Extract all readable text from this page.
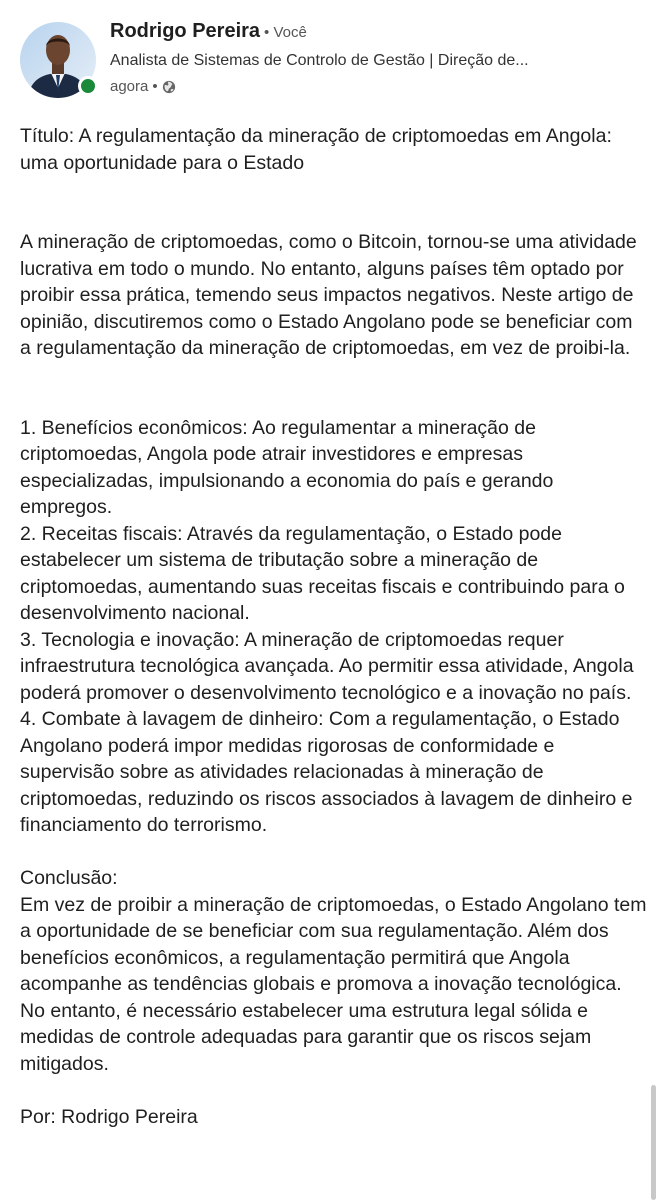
Rodrigo Pereira • Você
Analista de Sistemas de Controlo de Gestão | Direção de...
agora •

Título: A regulamentação da mineração de criptomoedas em Angola: uma oportunidade para o Estado

A mineração de criptomoedas, como o Bitcoin, tornou-se uma atividade lucrativa em todo o mundo. No entanto, alguns países têm optado por proibir essa prática, temendo seus impactos negativos. Neste artigo de opinião, discutiremos como o Estado Angolano pode se beneficiar com a regulamentação da mineração de criptomoedas, em vez de proibi-la.

1. Benefícios econômicos: Ao regulamentar a mineração de criptomoedas, Angola pode atrair investidores e empresas especializadas, impulsionando a economia do país e gerando empregos.

2. Receitas fiscais: Através da regulamentação, o Estado pode estabelecer um sistema de tributação sobre a mineração de criptomoedas, aumentando suas receitas fiscais e contribuindo para o desenvolvimento nacional.

3. Tecnologia e inovação: A mineração de criptomoedas requer infraestrutura tecnológica avançada. Ao permitir essa atividade, Angola poderá promover o desenvolvimento tecnológico e a inovação no país.

4. Combate à lavagem de dinheiro: Com a regulamentação, o Estado Angolano poderá impor medidas rigorosas de conformidade e supervisão sobre as atividades relacionadas à mineração de criptomoedas, reduzindo os riscos associados à lavagem de dinheiro e financiamento do terrorismo.

Conclusão:

Em vez de proibir a mineração de criptomoedas, o Estado Angolano tem a oportunidade de se beneficiar com sua regulamentação. Além dos benefícios econômicos, a regulamentação permitirá que Angola acompanhe as tendências globais e promova a inovação tecnológica. No entanto, é necessário estabelecer uma estrutura legal sólida e medidas de controle adequadas para garantir que os riscos sejam mitigados.

Por: Rodrigo Pereira
